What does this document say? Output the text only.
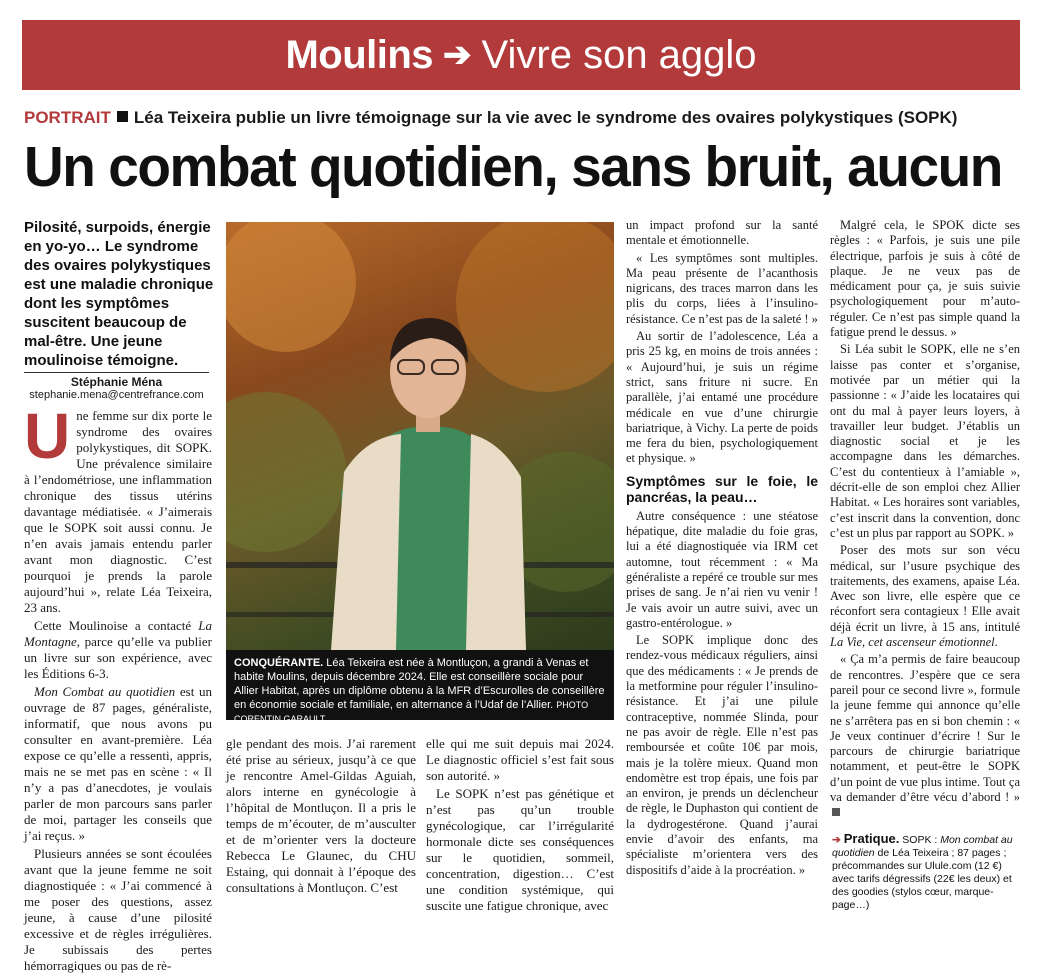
Moulins ➔ Vivre son agglo
PORTRAIT Léa Teixeira publie un livre témoignage sur la vie avec le syndrome des ovaires polykystiques (SOPK)
Un combat quotidien, sans bruit, aucun
Pilosité, surpoids, énergie en yo-yo… Le syndrome des ovaires polykystiques est une maladie chronique dont les symptômes suscitent beaucoup de mal-être. Une jeune moulinoise témoigne.
Stéphanie Ména
stephanie.mena@centrefrance.com

Une femme sur dix porte le syndrome des ovaires polykystiques, dit SOPK. Une prévalence similaire à l’endométriose, une inflammation chronique des tissus utérins davantage médiatisée. « J’aimerais que le SOPK soit aussi connu. Je n’en avais jamais entendu parler avant mon diagnostic. C’est pourquoi je prends la parole aujourd’hui », relate Léa Teixeira, 23 ans.

Cette Moulinoise a contacté La Montagne, parce qu’elle va publier un livre sur son expérience, avec les Éditions 6-3.

Mon Combat au quotidien est un ouvrage de 87 pages, généraliste, informatif, que nous avons pu consulter en avant-première. Léa expose ce qu’elle a ressenti, appris, mais ne se met pas en scène : « Il n’y a pas d’anecdotes, je voulais parler de mon parcours sans parler de moi, partager les conseils que j’ai reçus. »

Plusieurs années se sont écoulées avant que la jeune femme ne soit diagnostiquée : « J’ai commencé à me poser des questions, assez jeune, à cause d’une pilosité excessive et de règles irrégulières. Je subissais des pertes hémorragiques ou pas de rè-

CONQUÉRANTE. Léa Teixeira est née à Montluçon, a grandi à Venas et habite Moulins, depuis décembre 2024. Elle est conseillère sociale pour Allier Habitat, après un diplôme obtenu à la MFR d’Escurolles de conseillère en économie sociale et familiale, en alternance à l’Udaf de l’Allier. PHOTO CORENTIN GARAULT

gle pendant des mois. J’ai rarement été prise au sérieux, jusqu’à ce que je rencontre Amel-Gildas Aguiah, alors interne en gynécologie à l’hôpital de Montluçon. Il a pris le temps de m’écouter, de m’ausculter et de m’orienter vers la docteure Rebecca Le Glaunec, du CHU Estaing, qui donnait à l’époque des consultations à Montluçon. C’est

elle qui me suit depuis mai 2024. Le diagnostic officiel s’est fait sous son autorité. »

Le SOPK n’est pas génétique et n’est pas qu’un trouble gynécologique, car l’irrégularité hormonale dicte ses conséquences sur le quotidien, sommeil, concentration, digestion… C’est une condition systémique, qui suscite une fatigue chronique, avec

un impact profond sur la santé mentale et émotionnelle.

« Les symptômes sont multiples. Ma peau présente de l’acanthosis nigricans, des traces marron dans les plis du corps, liées à l’insulino-résistance. Ce n’est pas de la saleté ! »

Au sortir de l’adolescence, Léa a pris 25 kg, en moins de trois années : « Aujourd’hui, je suis un régime strict, sans friture ni sucre. En parallèle, j’ai entamé une procédure médicale en vue d’une chirurgie bariatrique, à Vichy. La perte de poids me fera du bien, psychologiquement et physique. »

Symptômes sur le foie, le pancréas, la peau…

Autre conséquence : une stéatose hépatique, dite maladie du foie gras, lui a été diagnostiquée via IRM cet automne, tout récemment : « Ma généraliste a repéré ce trouble sur mes prises de sang. Je n’ai rien vu venir ! Je vais avoir un autre suivi, avec un gastro-entérologue. »

Le SOPK implique donc des rendez-vous médicaux réguliers, ainsi que des médicaments : « Je prends de la metformine pour réguler l’insulino-résistance. Et j’ai une pilule contraceptive, nommée Slinda, pour ne pas avoir de règle. Elle n’est pas remboursée et coûte 10€ par mois, mais je la tolère mieux. Quand mon endomètre est trop épais, une fois par an environ, je prends un déclencheur de règle, le Duphaston qui contient de la dydrogestérone. Quand j’aurai envie d’avoir des enfants, ma spécialiste m’orientera vers des dispositifs d’aide à la procréation. »

Malgré cela, le SPOK dicte ses règles : « Parfois, je suis une pile électrique, parfois je suis à côté de plaque. Je ne veux pas de médicament pour ça, je suis suivie psychologiquement pour m’auto-réguler. Ce n’est pas simple quand la fatigue prend le dessus. »

Si Léa subit le SOPK, elle ne s’en laisse pas conter et s’organise, motivée par un métier qui la passionne : « J’aide les locataires qui ont du mal à payer leurs loyers, à travailler leur budget. J’établis un diagnostic social et je les accompagne dans les démarches. C’est du contentieux à l’amiable », décrit-elle de son emploi chez Allier Habitat. « Les horaires sont variables, c’est inscrit dans la convention, donc c’est un plus par rapport au SOPK. »

Poser des mots sur son vécu médical, sur l’usure psychique des traitements, des examens, apaise Léa. Avec son livre, elle espère que ce réconfort sera contagieux ! Elle avait déjà écrit un livre, à 15 ans, intitulé La Vie, cet ascenseur émotionnel.

« Ça m’a permis de faire beaucoup de rencontres. J’espère que ce sera pareil pour ce second livre », formule la jeune femme qui annonce qu’elle ne s’arrêtera pas en si bon chemin : « Je veux continuer d’écrire ! Sur le parcours de chirurgie bariatrique notamment, et peut-être le SOPK d’un point de vue plus intime. Tout ça va demander d’être vécu d’abord ! »

➔ Pratique. SOPK : Mon combat au quotidien de Léa Teixeira ; 87 pages ; précommandes sur Ulule.com (12 €) avec tarifs dégressifs (22€ les deux) et des goodies (stylos cœur, marque-page…)
